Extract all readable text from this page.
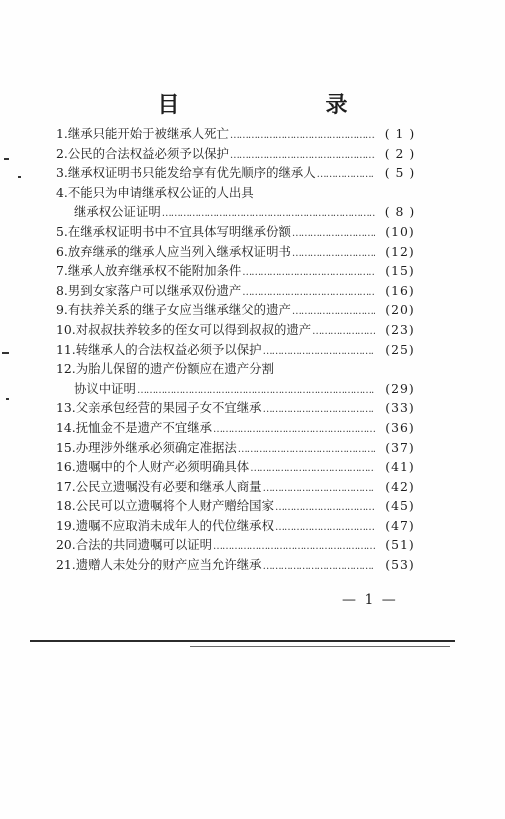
目　录
1. 继承只能开始于被继承人死亡 ………………………………………………………………………………………………………	( 1 )
2. 公民的合法权益必须予以保护 ………………………………………………………………………………………………………	( 2 )
3. 继承权证明书只能发给享有优先顺序的继承人 ………………………………………………………………………………………………………	( 5 )
4. 不能只为申请继承权公证的人出具
继承权公证证明 ………………………………………………………………………………………………………	( 8 )
5. 在继承权证明书中不宜具体写明继承份额 ………………………………………………………………………………………………………	(10)
6. 放弃继承的继承人应当列入继承权证明书 ………………………………………………………………………………………………………	(12)
7. 继承人放弃继承权不能附加条件 ………………………………………………………………………………………………………	(15)
8. 男到女家落户可以继承双份遗产 ………………………………………………………………………………………………………	(16)
9. 有扶养关系的继子女应当继承继父的遗产 ………………………………………………………………………………………………………	(20)
10. 对叔叔扶养较多的侄女可以得到叔叔的遗产 ………………………………………………………………………………………………………	(23)
11. 转继承人的合法权益必须予以保护 ………………………………………………………………………………………………………	(25)
12. 为胎儿保留的遗产份额应在遗产分割
协议中证明 ………………………………………………………………………………………………………	(29)
13. 父亲承包经营的果园子女不宜继承 ………………………………………………………………………………………………………	(33)
14. 抚恤金不是遗产不宜继承 ………………………………………………………………………………………………………	(36)
15. 办理涉外继承必须确定准据法 ………………………………………………………………………………………………………	(37)
16. 遗嘱中的个人财产必须明确具体 ………………………………………………………………………………………………………	(41)
17. 公民立遗嘱没有必要和继承人商量 ………………………………………………………………………………………………………	(42)
18. 公民可以立遗嘱将个人财产赠给国家 ………………………………………………………………………………………………………	(45)
19. 遗嘱不应取消未成年人的代位继承权 ………………………………………………………………………………………………………	(47)
20. 合法的共同遗嘱可以证明 ………………………………………………………………………………………………………	(51)
21. 遗赠人未处分的财产应当允许继承 ………………………………………………………………………………………………………	(53)
— 1 —
